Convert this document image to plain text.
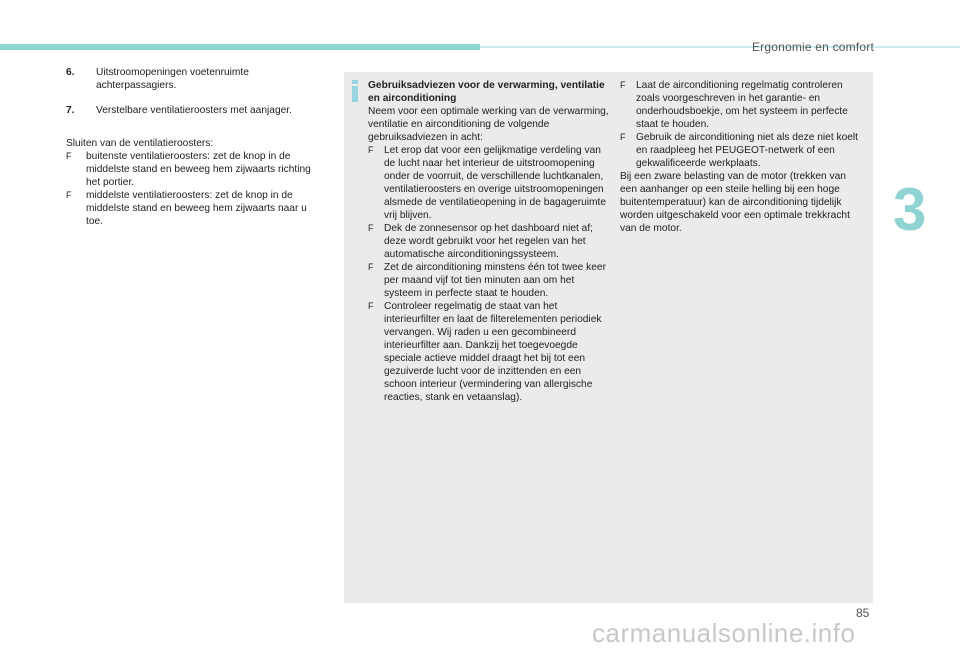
Ergonomie en comfort
3
6. Uitstroomopeningen voetenruimte achterpassagiers.
7. Verstelbare ventilatieroosters met aanjager.
Sluiten van de ventilatieroosters:
F buitenste ventilatieroosters: zet de knop in de middelste stand en beweeg hem zijwaarts richting het portier.
F middelste ventilatieroosters: zet de knop in de middelste stand en beweeg hem zijwaarts naar u toe.
Gebruiksadviezen voor de verwarming, ventilatie en airconditioning
Neem voor een optimale werking van de verwarming, ventilatie en airconditioning de volgende gebruiksadviezen in acht:
F Let erop dat voor een gelijkmatige verdeling van de lucht naar het interieur de uitstroomopening onder de voorruit, de verschillende luchtkanalen, ventilatieroosters en overige uitstroomopeningen alsmede de ventilatieopening in de bagageruimte vrij blijven.
F Dek de zonnesensor op het dashboard niet af; deze wordt gebruikt voor het regelen van het automatische airconditioningssysteem.
F Zet de airconditioning minstens één tot twee keer per maand vijf tot tien minuten aan om het systeem in perfecte staat te houden.
F Controleer regelmatig de staat van het interieurfilter en laat de filterelementen periodiek vervangen. Wij raden u een gecombineerd interieurfilter aan. Dankzij het toegevoegde speciale actieve middel draagt het bij tot een gezuiverde lucht voor de inzittenden en een schoon interieur (vermindering van allergische reacties, stank en vetaanslag).
F Laat de airconditioning regelmatig controleren zoals voorgeschreven in het garantie- en onderhoudsboekje, om het systeem in perfecte staat te houden.
F Gebruik de airconditioning niet als deze niet koelt en raadpleeg het PEUGEOT-netwerk of een gekwalificeerde werkplaats.
Bij een zware belasting van de motor (trekken van een aanhanger op een steile helling bij een hoge buitentemperatuur) kan de airconditioning tijdelijk worden uitgeschakeld voor een optimale trekkracht van de motor.
85
carmanualsonline.info
